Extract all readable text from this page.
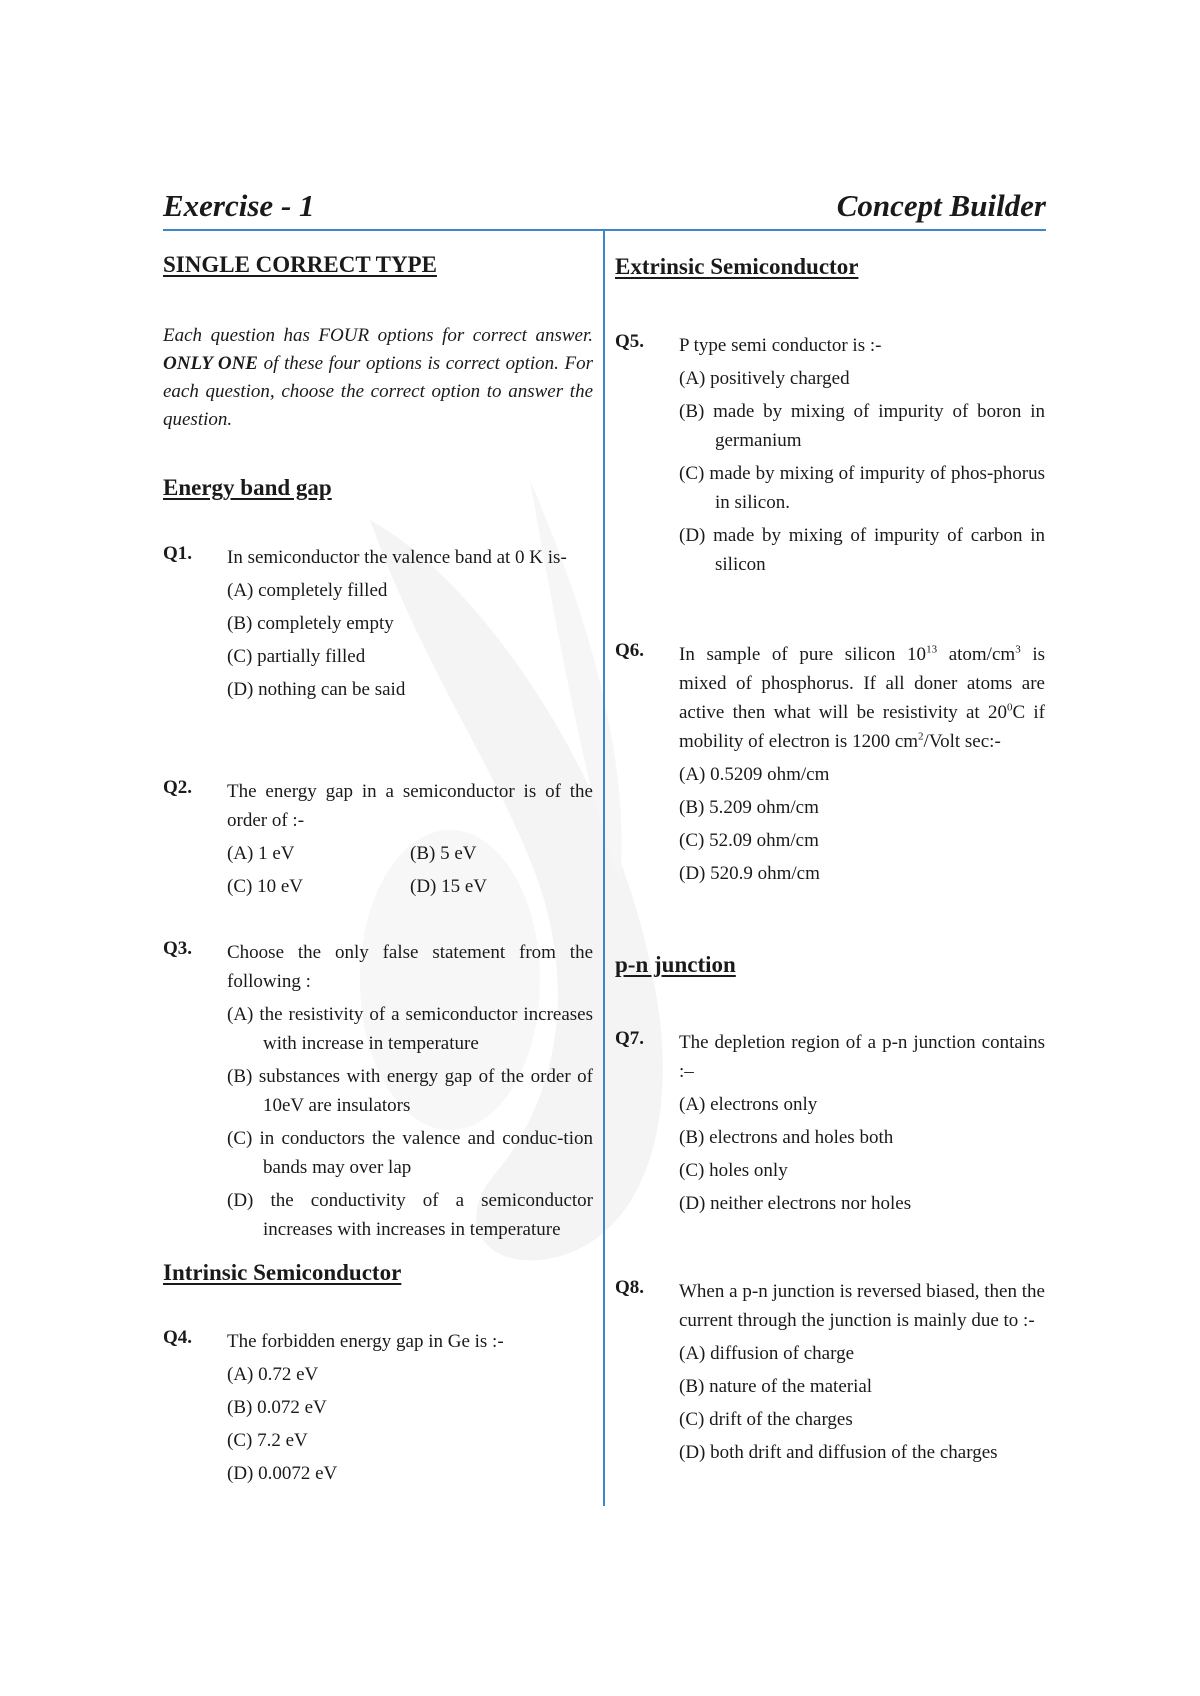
Exercise - 1	Concept Builder
SINGLE CORRECT TYPE
Each question has FOUR options for correct answer. ONLY ONE of these four options is correct option. For each question, choose the correct option to answer the question.
Energy band gap
Q1. In semiconductor the valence band at 0 K is-
(A) completely filled
(B) completely empty
(C) partially filled
(D) nothing can be said
Q2. The energy gap in a semiconductor is of the order of :-
(A) 1 eV	(B) 5 eV
(C) 10 eV	(D) 15 eV
Q3. Choose the only false statement from the following :
(A) the resistivity of a semiconductor increases with increase in temperature
(B) substances with energy gap of the order of 10eV are insulators
(C) in conductors the valence and conduc-tion bands may over lap
(D) the conductivity of a semiconductor increases with increases in temperature
Intrinsic Semiconductor
Q4. The forbidden energy gap in Ge is :-
(A) 0.72 eV
(B) 0.072 eV
(C) 7.2 eV
(D) 0.0072 eV
Extrinsic Semiconductor
Q5. P type semi conductor is :-
(A) positively charged
(B) made by mixing of impurity of boron in germanium
(C) made by mixing of impurity of phos-phorus in silicon.
(D) made by mixing of impurity of carbon in silicon
Q6. In sample of pure silicon $10^{13}$ atom/$cm^3$ is mixed of phosphorus. If all doner atoms are active then what will be resistivity at $20^0C$ if mobility of electron is 1200 $cm^2$/Volt sec:-
(A) 0.5209 ohm/cm
(B) 5.209 ohm/cm
(C) 52.09 ohm/cm
(D) 520.9 ohm/cm
p-n junction
Q7. The depletion region of a p-n junction contains :–
(A) electrons only
(B) electrons and holes both
(C) holes only
(D) neither electrons nor holes
Q8. When a p-n junction is reversed biased, then the current through the junction is mainly due to :-
(A) diffusion of charge
(B) nature of the material
(C) drift of the charges
(D) both drift and diffusion of the charges
